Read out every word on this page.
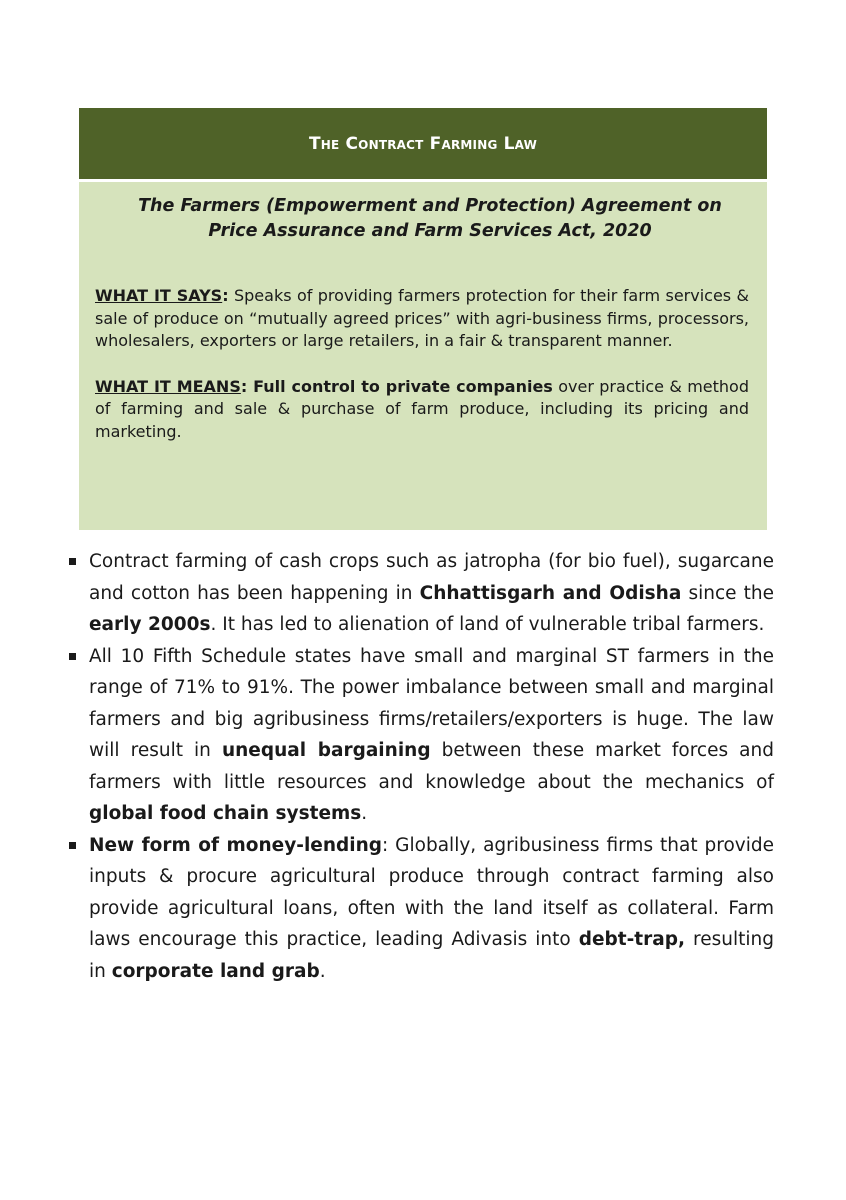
The Contract Farming Law

The Farmers (Empowerment and Protection) Agreement on Price Assurance and Farm Services Act, 2020

WHAT IT SAYS: Speaks of providing farmers protection for their farm services & sale of produce on “mutually agreed prices” with agri-business firms, processors, wholesalers, exporters or large retailers, in a fair & transparent manner.

WHAT IT MEANS: Full control to private companies over practice & method of farming and sale & purchase of farm produce, including its pricing and marketing.

Contract farming of cash crops such as jatropha (for bio fuel), sugarcane and cotton has been happening in Chhattisgarh and Odisha since the early 2000s. It has led to alienation of land of vulnerable tribal farmers.
All 10 Fifth Schedule states have small and marginal ST farmers in the range of 71% to 91%. The power imbalance between small and marginal farmers and big agribusiness firms/retailers/exporters is huge. The law will result in unequal bargaining between these market forces and farmers with little resources and knowledge about the mechanics of global food chain systems.
New form of money-lending: Globally, agribusiness firms that provide inputs & procure agricultural produce through contract farming also provide agricultural loans, often with the land itself as collateral. Farm laws encourage this practice, leading Adivasis into debt-trap, resulting in corporate land grab.
